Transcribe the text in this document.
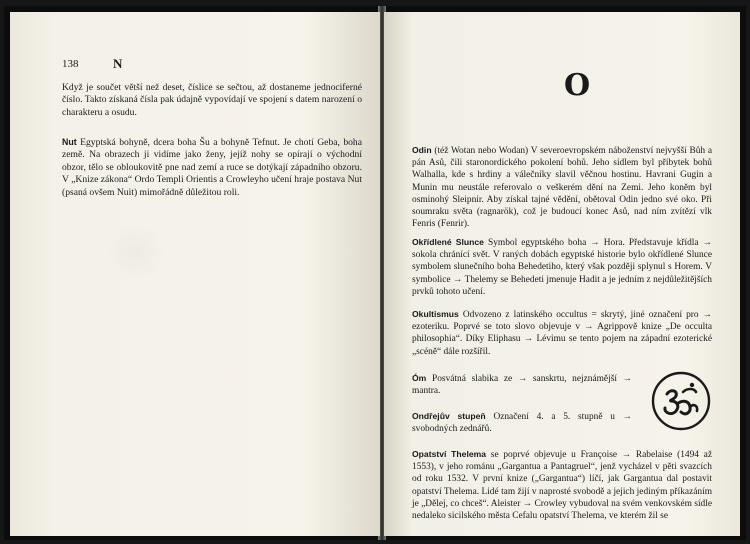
138	N

Když je součet větší než deset, číslice se sečtou, až dostaneme jednociferné číslo. Takto získaná čísla pak údajně vypovídají ve spojení s datem narození o charakteru a osudu.

Nut Egyptská bohyně, dcera boha Šu a bohyně Tefnut. Je chotí Geba, boha země. Na obrazech ji vidíme jako ženy, jejíž nohy se opírají o východní obzor, tělo se obloukovitě pne nad zemí a ruce se dotýkají západního obzoru. V „Knize zákona“ Ordo Templi Orientis a Crowleyho učení hraje postava Nut (psaná ovšem Nuit) mimořádně důležitou roli.

O

Odin (též Wotan nebo Wodan) V severoevropském náboženství nejvyšší Bůh a pán Asů, čili staronordického pokolení bohů. Jeho sídlem byl příbytek bohů Walhalla, kde s hrdiny a válečníky slavil věčnou hostinu. Havrani Gugin a Munin mu neustále referovalo o veškerém dění na Zemi. Jeho koněm byl osminohý Sleipnir. Aby získal tajné vědění, obětoval Odin jedno své oko. Při soumraku světa (ragnarök), což je budoucí konec Asů, nad ním zvítězí vlk Fenris (Fenrir).

Okřídlené Slunce Symbol egyptského boha → Hora. Představuje křídla → sokola chránící svět. V raných dobách egyptské historie bylo okřídlené Slunce symbolem slunečního boha Behedetiho, který však později splynul s Horem. V symbolice → Thelemy se Behedeti jmenuje Hadit a je jedním z nejdůležitějších prvků tohoto učení.

Okultismus Odvozeno z latinského occultus = skrytý, jiné označení pro → ezoteriku. Poprvé se toto slovo objevuje v → Agrippově knize „De occulta philosophia“. Díky Eliphasu → Lévimu se tento pojem na západní ezoterické „scéně“ dále rozšířil.

Óm Posvátná slabika ze → sanskrtu, nejznámější → mantra.

Ondřejův stupeň Označení 4. a 5. stupně u → svobodných zednářů.

Opatství Thelema se poprvé objevuje u Françoise → Rabelaise (1494 až 1553), v jeho románu „Gargantua a Pantagruel“, jenž vycházel v pěti svazcích od roku 1532. V první knize („Gargantua“) líčí, jak Gargantua dal postavit opatství Thelema. Lidé tam žijí v naprosté svobodě a jejich jediným příkazáním je „Dělej, co chceš“. Aleister → Crowley vybudoval na svém venkovském sídle nedaleko sicilského města Cefalu opatství Thelema, ve kterém žil se
